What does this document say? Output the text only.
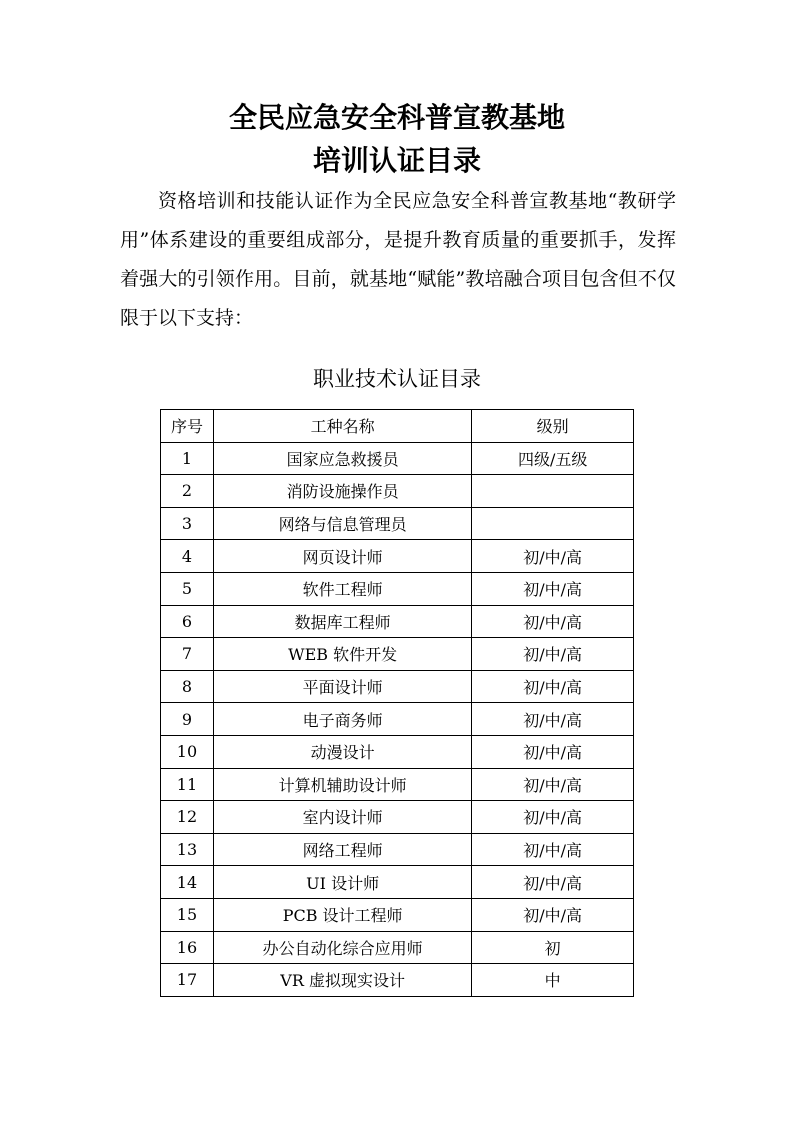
全民应急安全科普宣教基地
培训认证目录

资格培训和技能认证作为全民应急安全科普宣教基地“教研学用”体系建设的重要组成部分，是提升教育质量的重要抓手，发挥着强大的引领作用。目前，就基地“赋能”教培融合项目包含但不仅限于以下支持：

职业技术认证目录

序号	工种名称	级别
1	国家应急救援员	四级/五级
2	消防设施操作员	
3	网络与信息管理员	
4	网页设计师	初/中/高
5	软件工程师	初/中/高
6	数据库工程师	初/中/高
7	WEB 软件开发	初/中/高
8	平面设计师	初/中/高
9	电子商务师	初/中/高
10	动漫设计	初/中/高
11	计算机辅助设计师	初/中/高
12	室内设计师	初/中/高
13	网络工程师	初/中/高
14	UI 设计师	初/中/高
15	PCB 设计工程师	初/中/高
16	办公自动化综合应用师	初
17	VR 虚拟现实设计	中
